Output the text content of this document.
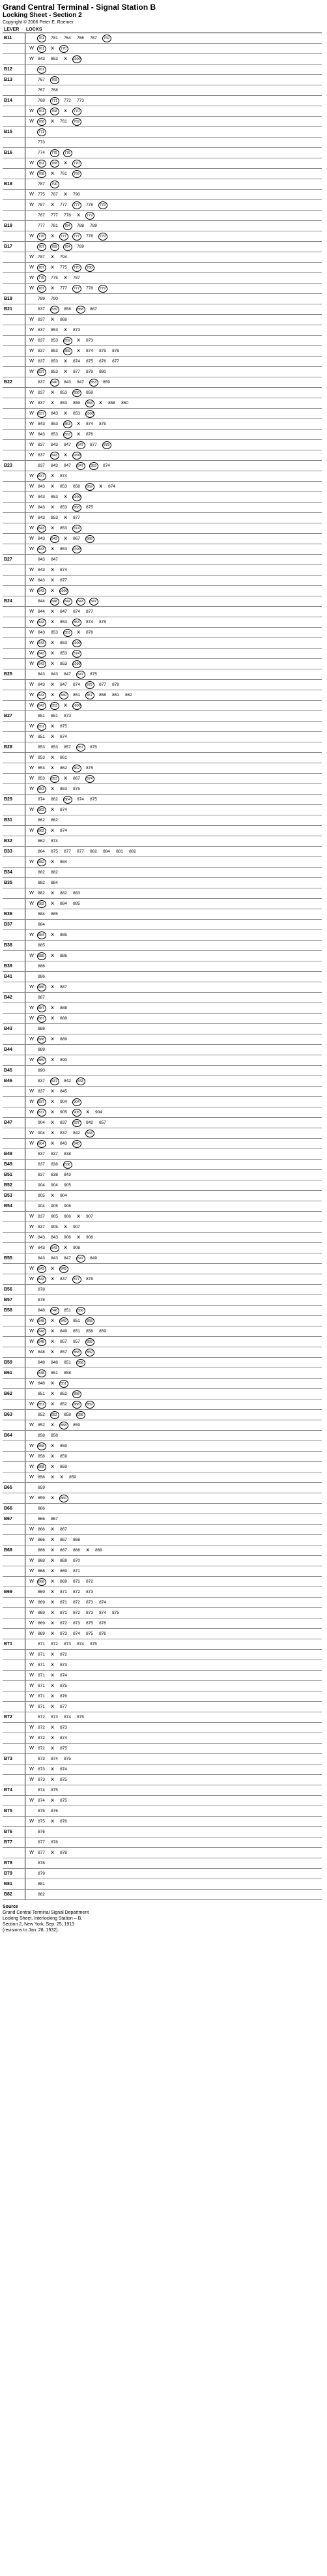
Grand Central Terminal - Signal Station B
Locking Sheet - Section 2
Copyright © 2006 Peter E. Roemer
LEVER	LOCKS
B11	761 781 764 766 767 769
	W 761 X 770
	W 843 853 X 1000
B12	761
B13	767 769
	767 768
B14	768 771 772 773
	W 761 768 X 770
	W 768 X 761 769
B15	771
	773
B16	774 775 776
	W 761 768 X 770
	W 768 X 761 769
B18	787 790
	W 775 787 X 790
	W 787 X 777 777 778 779
	787 777 778 X 779
B19	777 781 784 788 789
	W 775 X 777 777 778 779
B17	787 789 784 789
	W 787 X 794
	W 787 X 775 775 780
	W 775 775 X 787
	W 787 X 777 777 778 779
B18	789 790
B21	837 839 858 858 867
	W 837 X 868
	W 837 853 X 873
	W 837 853 859 X 873
	W 837 853 859 X 874 875 876
	W 837 853 X 874 875 876 877
	W 837 853 X 877 879 880
B22	837 840 843 847 853 859
	W 837 X 853 858 858
	W 837 X 853 859 858 X 858 860
	W 837 843 X 853 1000
	W 843 853 853 X 874 875
	W 843 853 853 X 876
	W 837 843 847 847 877 878
	W 837 843 X 1000
B23	837 843 847 847 853 874
	W 837 X 874
	W 843 X 853 858 859 X 874
	W 843 853 X 1000
	W 843 X 853 858 875
	W 843 853 X 877
	W 843 X 853 874
	W 843 843 X 867 868
	W 843 X 853 1000
B27	843 847
	W 843 X 874
	W 843 X 877
	W 843 X 1000
B24	844 848 842 843 847
	W 844 X 847 874 877
	W 843 X 853 853 874 875
	W 843 853 853 X 876
	W 843 X 853 1000
	W 843 X 853 874
	W 843 X 853 1000
B25	843 843 847 847 875
	W 843 X 847 874 875 877 878
	W 843 X 849 851 857 858 861 862
	W 843 853 X 1000
B27	851 851 873
	W 851 X 875
	W 851 X 874
B28	853 853 857 857 875
	W 853 X 861
	W 853 X 862 862 875
	W 853 853 X 867 874
	W 853 X 853 875
B29	874 862 864 874 875
	W 862 X 874
B31	862 862
	W 862 X 874
B32	862 874
B33	864 875 877 877 882 884 881 882
	W 882 X 884
B34	882 882
B35	882 884
	W 882 X 882 883
	W 882 X 884 885
B36	884 885
B37	884
	W 884 X 885
B38	885
	W 885 X 886
B39	886
B41	886
	W 886 X 887
B42	887
	W 887 X 888
	W 887 X 888
B43	888
	W 888 X 889
B44	889
	W 889 X 890
B45	890
B46	837 837 842 843
	W 837 X 845
	W 837 X 904 904
	W 837 X 905 905 X 904
B47	904 X 837 837 842 857
	W 904 X 837 842 843
	W 904 X 843 845
B48	837 837 838
B49	837 838 838
B51	837 838 843
B52	904 904 905
B53	905 X 904
B54	904 905 906
	W 837 905 906 X 907
	W 837 905 X 907
	W 843 843 906 X 908
	W 843 843 X 908
B55	843 843 847 847 849
	W 843 X 849
	W 843 X 837 877 878
B56	878
B57	878
B58	848 848 851 858
	W 848 X 849 851 858
	W 848 X 849 851 858 859
	W 848 X 857 857 858
	W 848 X 857 858 859
B59	848 848 851 858
B61	848 851 858
	W 848 X 851
B62	851 X 852 858
	W 851 X 852 858 859
B63	852 852 858 858
	W 852 X 858 859
B64	858 858
	W 858 X 859
	W 858 X 859
	W 858 X 859
	W 858 X X 859
B65	859
	W 859 X 866
B66	866
B67	866 867
	W 866 X 867
	W 866 X 867 868
B68	866 X 867 868 X 869
	W 868 X 869 870
	W 868 X 869 871
	W 868 X 869 871 872
B69	869 X 871 872 873
	W 869 X 871 872 873 874
	W 869 X 871 872 873 874 875
	W 869 X 872 873 875 876
	W 869 X 873 874 875 876
B71	871 872 873 874 875
	W 871 X 872
	W 871 X 873
	W 871 X 874
	W 871 X 875
	W 871 X 876
	W 871 X 877
B72	872 873 874 875
	W 872 X 873
	W 872 X 874
	W 872 X 875
B73	873 874 875
	W 873 X 874
	W 873 X 875
B74	874 875
	W 874 X 875
B75	875 876
	W 875 X 876
B76	876
B77	877 878
	W 877 X 878
B78	878
B79	879
B81	881
B82	882
Source
Grand Central Terminal Signal Department
Locking Sheet, Interlocking Station – B,
Section 2, New York, Sep. 25, 1913
(revisions to Jan. 28, 1932).
